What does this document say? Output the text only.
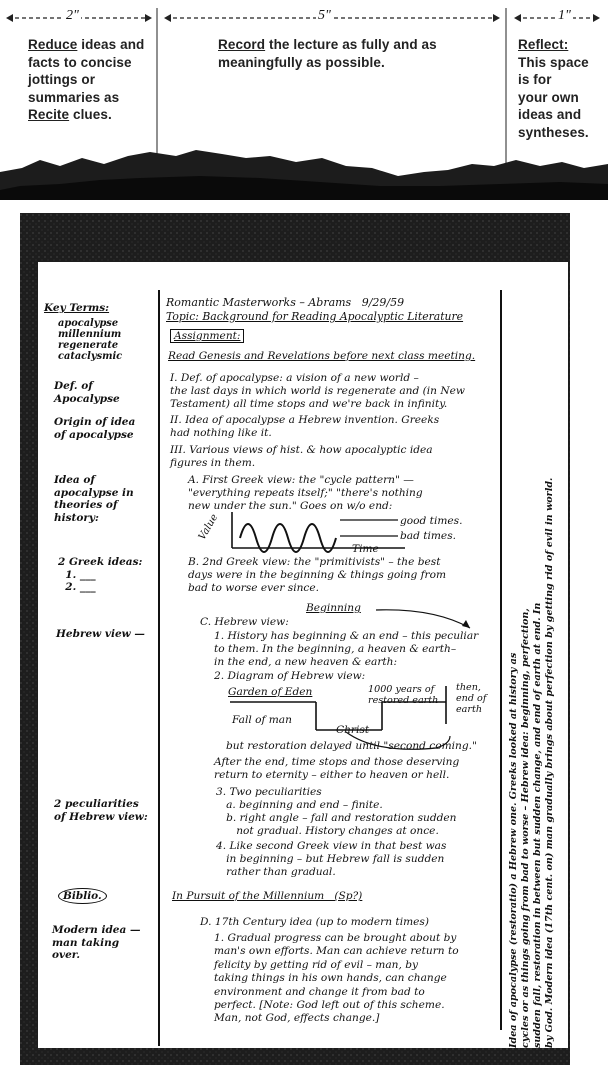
2"	5"	1"
Reduce ideas and
facts to concise
jottings or
summaries as
Recite clues.
Record the lecture as fully and as
meaningfully as possible.
Reflect:
This space
is for
your own
ideas and
syntheses.
Key Terms:
apocalypse
millennium
regenerate
cataclysmic
Def. of
Apocalypse
Origin of idea
of apocalypse
Idea of
apocalypse in
theories of
history:
2 Greek ideas:
1. ___
2. ___
Hebrew view —
2 peculiarities
of Hebrew view:
Biblio.
Modern idea —
man taking
over.
Romantic Masterworks – Abrams   9/29/59
Topic: Background for Reading Apocalyptic Literature
Assignment:
Read Genesis and Revelations before next class meeting.
I. Def. of apocalypse: a vision of a new world –
the last days in which world is regenerate and (in New
Testament) all time stops and we're back in infinity.
II. Idea of apocalypse a Hebrew invention. Greeks
had nothing like it.
III. Various views of hist. & how apocalyptic idea
figures in them.
A. First Greek view: the "cycle pattern" —
"everything repeats itself;" "there's nothing
new under the sun." Goes on w/o end:
Value
Time
good times.
bad times.
B. 2nd Greek view: the "primitivists" – the best
days were in the beginning & things going from
bad to worse ever since.
Beginning
C. Hebrew view:
1. History has beginning & an end – this peculiar
to them. In the beginning, a heaven & earth–
in the end, a new heaven & earth:
2. Diagram of Hebrew view:
Garden of Eden	1000 years of
restored earth
then,
end of
earth
Fall of man
Christ
but restoration delayed until "second coming."
After the end, time stops and those deserving
return to eternity – either to heaven or hell.
3. Two peculiarities
a. beginning and end – finite.
b. right angle – fall and restoration sudden
not gradual. History changes at once.
4. Like second Greek view in that best was
in beginning – but Hebrew fall is sudden
rather than gradual.
In Pursuit of the Millennium   (Sp?)
D. 17th Century idea (up to modern times)
1. Gradual progress can be brought about by
man's own efforts. Man can achieve return to
felicity by getting rid of evil – man, by
taking things in his own hands, can change
environment and change it from bad to
perfect. [Note: God left out of this scheme.
Man, not God, effects change.]	Idea of apocalypse (restoratio) a Hebrew one. Greeks looked at history as cycles or as things going from bad to worse – Hebrew idea: beginning, perfection, sudden fall, restoration in between but sudden change, and end of earth at end. In by God. Modern idea (17th cent. on) man gradually brings about perfection by getting rid of evil in world.
